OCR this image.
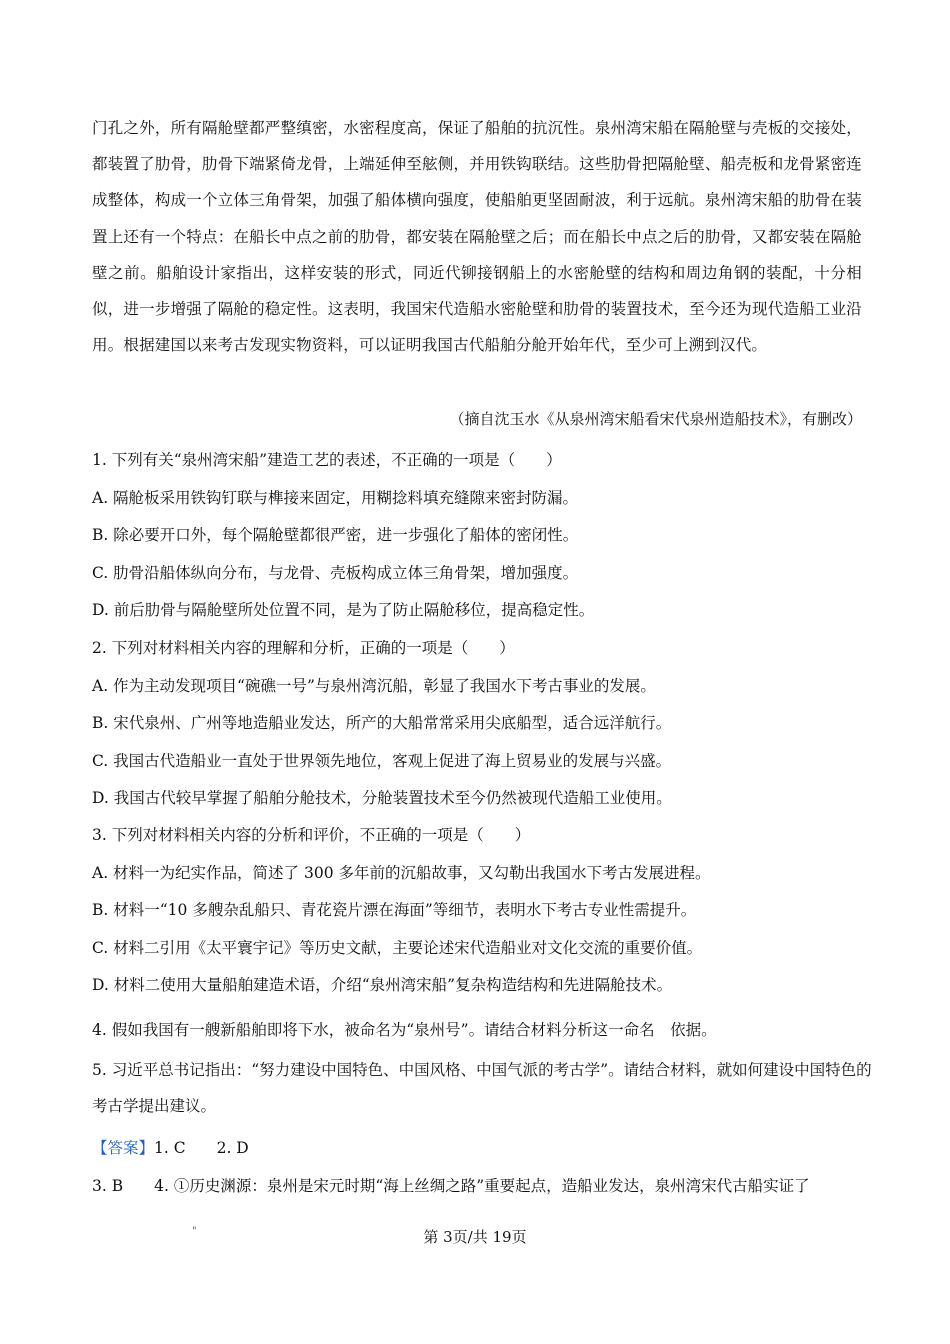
门孔之外，所有隔舱壁都严整缜密，水密程度高，保证了船舶的抗沉性。泉州湾宋船在隔舱壁与壳板的交接处，都装置了肋骨，肋骨下端紧倚龙骨，上端延伸至舷侧，并用铁钩联结。这些肋骨把隔舱壁、船壳板和龙骨紧密连成整体，构成一个立体三角骨架，加强了船体横向强度，使船舶更坚固耐波，利于远航。泉州湾宋船的肋骨在装置上还有一个特点：在船长中点之前的肋骨，都安装在隔舱壁之后；而在船长中点之后的肋骨，又都安装在隔舱壁之前。船舶设计家指出，这样安装的形式，同近代铆接钢船上的水密舱壁的结构和周边角钢的装配，十分相似，进一步增强了隔舱的稳定性。这表明，我国宋代造船水密舱壁和肋骨的装置技术，至今还为现代造船工业沿用。根据建国以来考古发现实物资料，可以证明我国古代船舶分舱开始年代，至少可上溯到汉代。

（摘自沈玉水《从泉州湾宋船看宋代泉州造船技术》，有删改）
1. 下列有关“泉州湾宋船”建造工艺的表述，不正确的一项是（　　）
A. 隔舱板采用铁钩钉联与榫接来固定，用糊捻料填充缝隙来密封防漏。
B. 除必要开口外，每个隔舱壁都很严密，进一步强化了船体的密闭性。
C. 肋骨沿船体纵向分布，与龙骨、壳板构成立体三角骨架，增加强度。
D. 前后肋骨与隔舱壁所处位置不同，是为了防止隔舱移位，提高稳定性。
2. 下列对材料相关内容的理解和分析，正确的一项是（　　）
A. 作为主动发现项目“碗礁一号”与泉州湾沉船，彰显了我国水下考古事业的发展。
B. 宋代泉州、广州等地造船业发达，所产的大船常常采用尖底船型，适合远洋航行。
C. 我国古代造船业一直处于世界领先地位，客观上促进了海上贸易业的发展与兴盛。
D. 我国古代较早掌握了船舶分舱技术，分舱装置技术至今仍然被现代造船工业使用。
3. 下列对材料相关内容的分析和评价，不正确的一项是（　　）
A. 材料一为纪实作品，简述了 300 多年前的沉船故事，又勾勒出我国水下考古发展进程。
B. 材料一“10 多艘杂乱船只、青花瓷片漂在海面”等细节，表明水下考古专业性需提升。
C. 材料二引用《太平寰宇记》等历史文献，主要论述宋代造船业对文化交流的重要价值。
D. 材料二使用大量船舶建造术语，介绍“泉州湾宋船”复杂构造结构和先进隔舱技术。
4. 假如我国有一艘新船舶即将下水，被命名为“泉州号”。请结合材料分析这一命名　依据。
5. 习近平总书记指出：“努力建设中国特色、中国风格、中国气派的考古学”。请结合材料，就如何建设中国特色的考古学提出建议。
【答案】1. C　　2. D
3. B　　4. ①历史渊源：泉州是宋元时期“海上丝绸之路”重要起点，造船业发达，泉州湾宋代古船实证了
"	第 3页/共 19页
